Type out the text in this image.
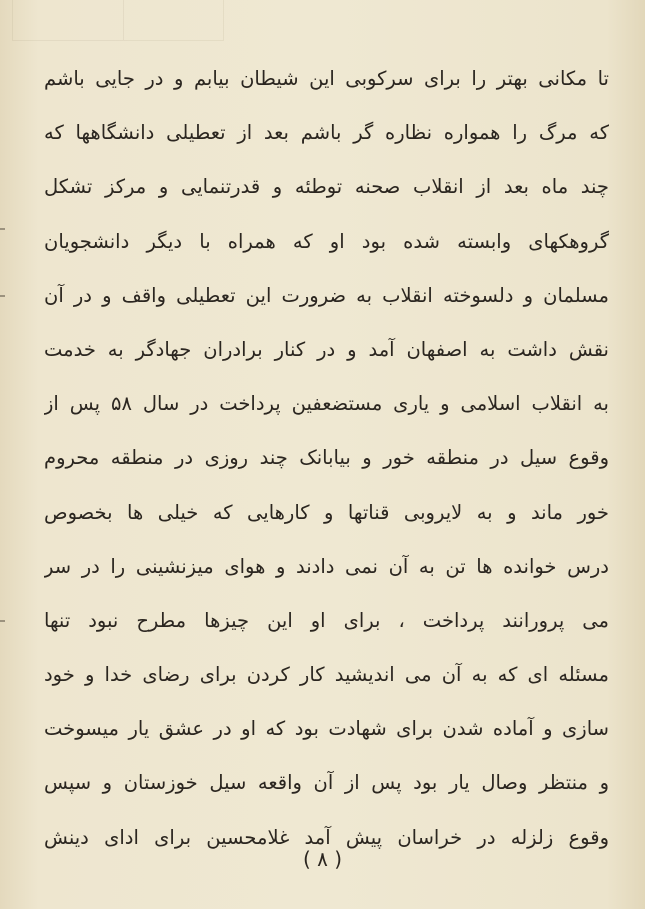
تا مکانی بهتر را برای سرکوبی این شیطان بیابم و در جایی باشم
که مرگ را همواره نظاره گر باشم بعد از تعطیلی دانشگاهها که
چند ماه بعد از انقلاب صحنه توطئه و قدرتنمایی و مرکز تشکل
گروهکهای وابسته شده بود او که همراه با دیگر دانشجویان
مسلمان و دلسوخته انقلاب به ضرورت این تعطیلی واقف و در آن
نقش داشت به اصفهان آمد و در کنار برادران جهادگر به خدمت
به انقلاب اسلامی و یاری مستضعفین پرداخت در سال ۵۸ پس از
وقوع سیل در منطقه خور و بیابانک چند روزی در منطقه محروم
خور ماند و به لایروبی قناتها و کارهایی که خیلی ها بخصوص
درس خوانده ها تن به آن نمی دادند و هوای میزنشینی را در سر
می پرورانند پرداخت ، برای او این چیزها مطرح نبود تنها
مسئله ای که به آن می اندیشید کار کردن برای رضای خدا و خود
سازی و آماده شدن برای شهادت بود که او در عشق یار میسوخت
و منتظر وصال یار بود پس از آن واقعه سیل خوزستان و سپس
وقوع زلزله در خراسان پیش آمد غلامحسین برای ادای دینش
( ۸ )
